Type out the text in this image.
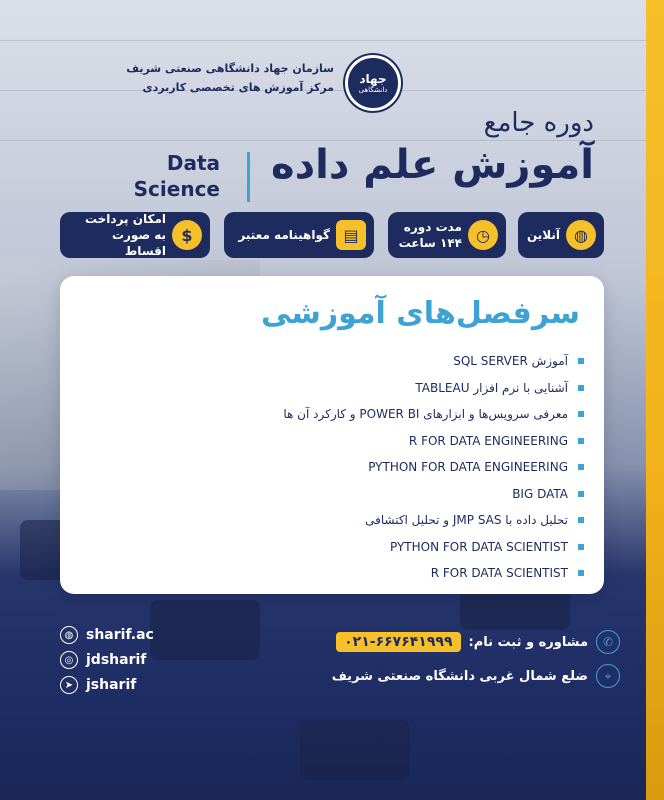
جهاد
دانشگاهی
سازمان جهاد دانشگاهی صنعتی شریف
مرکز آموزش های تخصصی کاربردی
دوره جامع
آموزش علم داده
Data
Science
آنلاین ◍
مدت دوره
۱۴۴ ساعت ◷
گواهینامه معتبر ▤
امکان پرداخت
به صورت اقساط
$
سرفصل‌های آموزشی
آموزش SQL SERVER
آشنایی با نرم افزار TABLEAU
معرفی سرویس‌ها و ابزارهای POWER BI و کارکرد آن ها
R FOR DATA ENGINEERING
PYTHON FOR DATA ENGINEERING
BIG DATA
تحلیل داده با JMP SAS و تحلیل اکتشافی
PYTHON FOR DATA SCIENTIST
R FOR DATA SCIENTIST
◍ sharif.ac
◎ jdsharif
➤ jsharif
✆
مشاوره و ثبت نام:
۰۲۱-۶۶۷۶۴۱۹۹۹
⌖
ضلع شمال غربی دانشگاه صنعتی شریف
